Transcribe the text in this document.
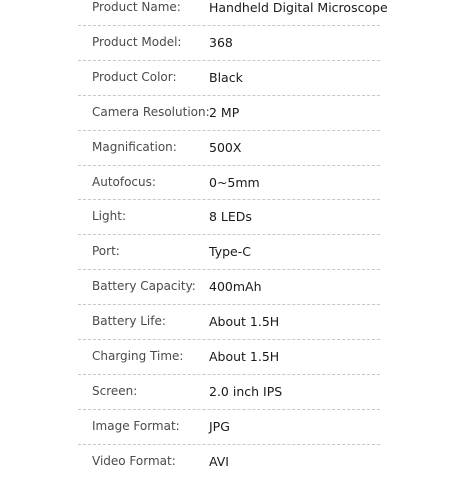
Product Name: Handheld Digital Microscope
Product Model: 368
Product Color:	Black
Camera Resolution: 2 MP
Magnification:	500X
Autofocus:	0~5mm
Light:	8 LEDs
Port:	Type-C
Battery Capacity: 400mAh
Battery Life:	About 1.5H
Charging Time: About 1.5H
Screen:	2.0 inch IPS
Image Format: JPG
Video Format:	AVI
